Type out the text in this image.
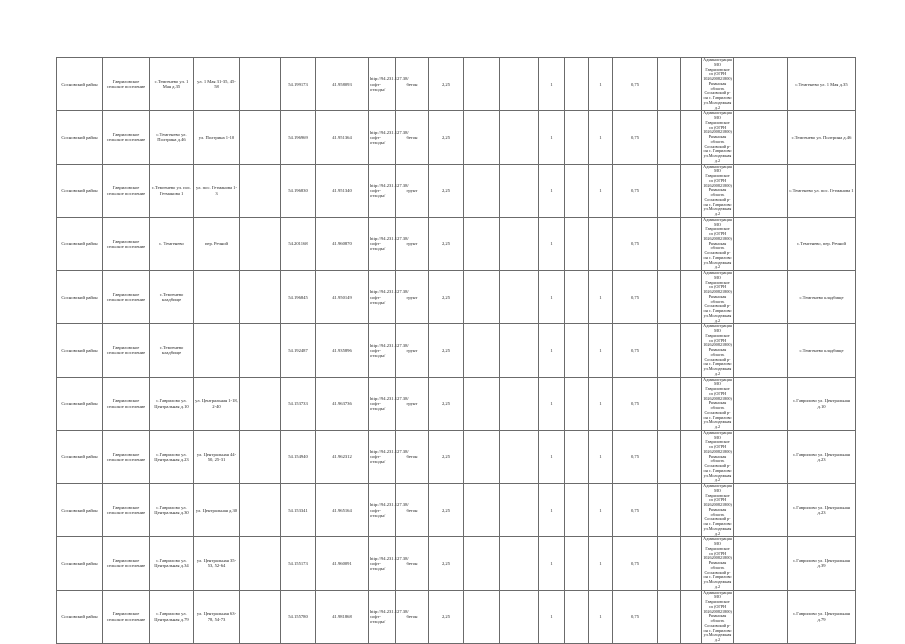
Сосновский район	Гавриловское сельское поселение	с.Темгенево ул. 1 Мая д.35	ул. 1 Мая 31-35, 45-58		54.199173	41.958093	http://94.231.127.38/софт-отходы/	бетон	2,25			1		1	0,75			Администрация МО Гавриловское сп (ОГРН 1026200821800) Рязанская область Сосновский р-он с. Гаврилово ул.Молодежная д.2		с.Темгенево ул. 1 Мая д.35
Сосновский район	Гавриловское сельское поселение	с.Темгенево ул. Полтрина д.46	ул. Полтрина 1-10		54.196969	41.951364	http://94.231.127.38/софт-отходы/	бетон	2,25			1		1	0,75			Администрация МО Гавриловское сп (ОГРН 1026200821800) Рязанская область Сосновский р-он с. Гаврилово ул.Молодежная д.2		с.Темгенево ул. Полтрина д.46
Сосновский район	Гавриловское сельское поселение	с.Темгенево ул. пос. Гетманова 1	ул. пос. Гетманова 1-3		54.196830	41.951340	http://94.231.127.38/софт-отходы/	грунт	2,25			1		1	0,75			Администрация МО Гавриловское сп (ОГРН 1026200821800) Рязанская область Сосновский р-он с. Гаврилово ул.Молодежная д.2		с.Темгенево ул. пос. Гетманова 1
Сосновский район	Гавриловское сельское поселение	с. Темгенево	пер. Речной		54.201168	41.960870	http://94.231.127.38/софт-отходы/	грунт	2,25			1			0,75			Администрация МО Гавриловское сп (ОГРН 1026200821800) Рязанская область Сосновский р-он с. Гаврилово ул.Молодежная д.2		с.Темгенево, пер. Речной
Сосновский район	Гавриловское сельское поселение	с.Темгенево кладбище			54.196845	41.950149	http://94.231.127.38/софт-отходы/	грунт	2,25			1		1	0,75			Администрация МО Гавриловское сп (ОГРН 1026200821800) Рязанская область Сосновский р-он с. Гаврилово ул.Молодежная д.2		с.Темгенево кладбище
Сосновский район	Гавриловское сельское поселение	с.Темгенево кладбище			54.192487	41.935896	http://94.231.127.38/софт-отходы/	грунт	2,25			1		1	0,75			Администрация МО Гавриловское сп (ОГРН 1026200821800) Рязанская область Сосновский р-он с. Гаврилово ул.Молодежная д.2		с.Темгенево кладбище
Сосновский район	Гавриловское сельское поселение	с.Гаврилово ул. Центральная д.10	ул. Центральная 1-18, 2-40		54.153733	41.963736	http://94.231.127.38/софт-отходы/	грунт	2,25			1		1	0,75			Администрация МО Гавриловское сп (ОГРН 1026200821800) Рязанская область Сосновский р-он с. Гаврилово ул.Молодежная д.2		с.Гаврилово ул. Центральная д.10
Сосновский район	Гавриловское сельское поселение	с.Гаврилово ул. Центральная д.23	ул. Центральная 44-50, 25-31		54.154940	41.962312	http://94.231.127.38/софт-отходы/	бетон	2,25			1		1	0,75			Администрация МО Гавриловское сп (ОГРН 1026200821800) Рязанская область Сосновский р-он с. Гаврилово ул.Молодежная д.2		с.Гаврилово ул. Центральная д.23
Сосновский район	Гавриловское сельское поселение	с.Гаврилово ул. Центральная д.30	ул. Центральная д.30		54.153341	41.965164	http://94.231.127.38/софт-отходы/	бетон	2,25			1		1	0,75			Администрация МО Гавриловское сп (ОГРН 1026200821800) Рязанская область Сосновский р-он с. Гаврилово ул.Молодежная д.2		с.Гаврилово ул. Центральная д.23
Сосновский район	Гавриловское сельское поселение	с.Гаврилово ул. Центральная д.34	ул. Центральная 35-53, 52-64		54.155173	41.960091	http://94.231.127.38/софт-отходы/	бетон	2,25			1		1	0,75			Администрация МО Гавриловское сп (ОГРН 1026200821800) Рязанская область Сосновский р-он с. Гаврилово ул.Молодежная д.2		с.Гаврилово ул. Центральная д.39
Сосновский район	Гавриловское сельское поселение	с.Гаврилово ул. Центральная д.79	ул. Центральная 63-78, 54-73		54.155780	41.981868	http://94.231.127.38/софт-отходы/	бетон	2,25			1		1	0,75			Администрация МО Гавриловское сп (ОГРН 1026200821800) Рязанская область Сосновский р-он с. Гаврилово ул.Молодежная д.2		с.Гаврилово ул. Центральная д.79
